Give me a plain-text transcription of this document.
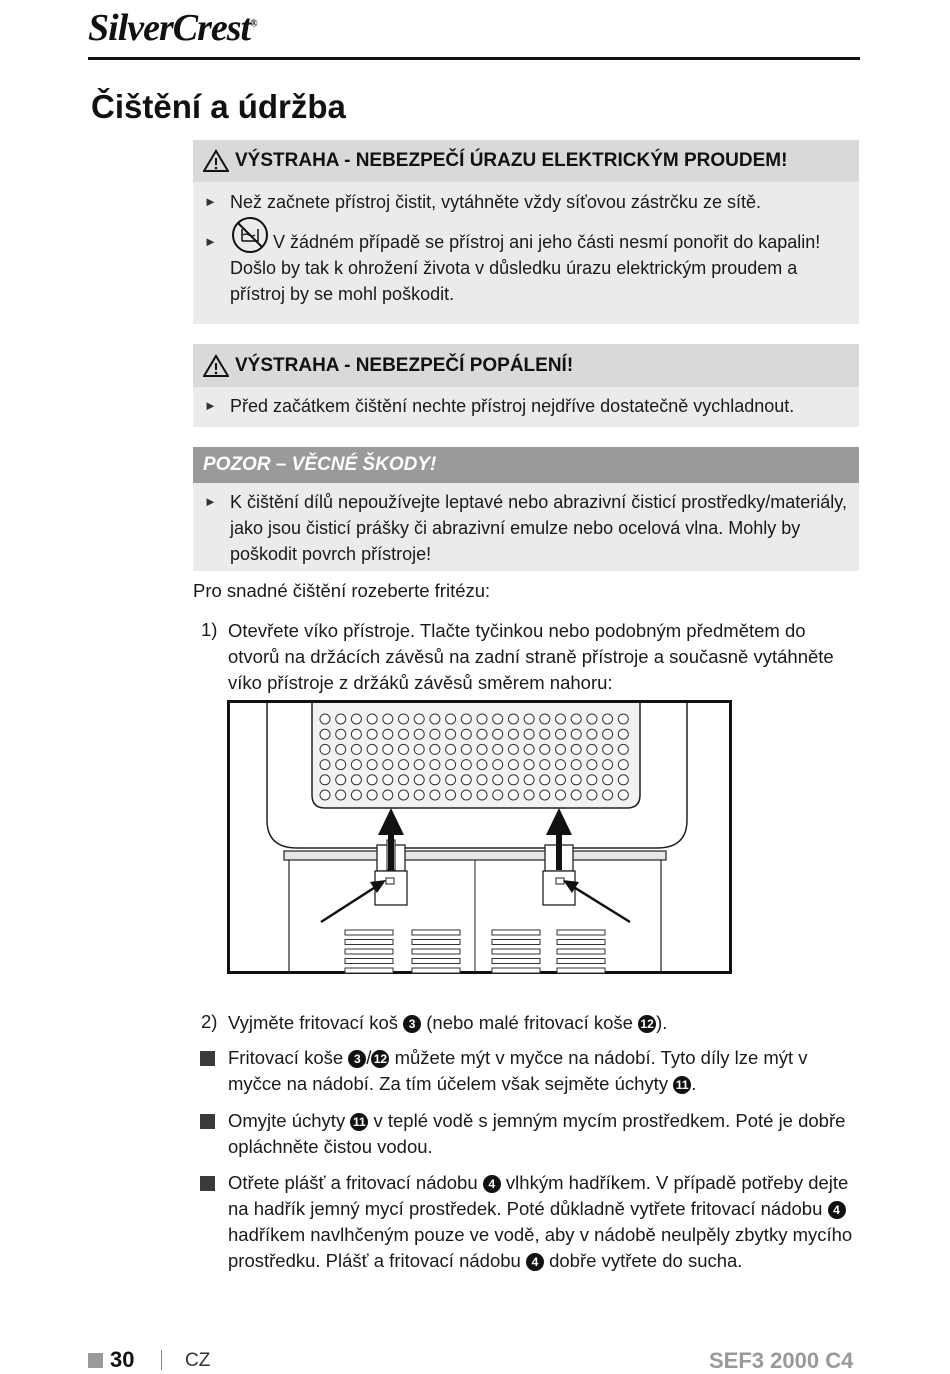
SilverCrest®
Čištění a údržba
VÝSTRAHA - NEBEZPEČÍ ÚRAZU ELEKTRICKÝM PROUDEM!
► Než začnete přístroj čistit, vytáhněte vždy síťovou zástrčku ze sítě.
►	V žádném případě se přístroj ani jeho části nesmí ponořit do kapalin! Došlo by tak k ohrožení života v důsledku úrazu elektrickým proudem a přístroj by se mohl poškodit.
VÝSTRAHA - NEBEZPEČÍ POPÁLENÍ!
► Před začátkem čištění nechte přístroj nejdříve dostatečně vychladnout.
POZOR – VĚCNÉ ŠKODY!
► K čištění dílů nepoužívejte leptavé nebo abrazivní čisticí prostředky/materiály, jako jsou čisticí prášky či abrazivní emulze nebo ocelová vlna. Mohly by poškodit povrch přístroje!
Pro snadné čištění rozeberte fritézu:
1) Otevřete víko přístroje. Tlačte tyčinkou nebo podobným předmětem do otvorů na držácích závěsů na zadní straně přístroje a současně vytáhněte víko přístroje z držáků závěsů směrem nahoru:
2) Vyjměte fritovací koš 3 (nebo malé fritovací koše 12 ).
Fritovací koše 3 / 12 můžete mýt v myčce na nádobí. Tyto díly lze mýt v myčce na nádobí. Za tím účelem však sejměte úchyty 11 .
Omyjte úchyty 11 v teplé vodě s jemným mycím prostředkem. Poté je dobře opláchněte čistou vodou.
Otřete plášť a fritovací nádobu 4 vlhkým hadříkem. V případě potřeby dejte na hadřík jemný mycí prostředek. Poté důkladně vytřete fritovací nádobu 4 hadříkem navlhčeným pouze ve vodě, aby v nádobě neulpěly zbytky mycího prostředku. Plášť a fritovací nádobu 4 dobře vytřete do sucha.
30	CZ	SEF3 2000 C4
